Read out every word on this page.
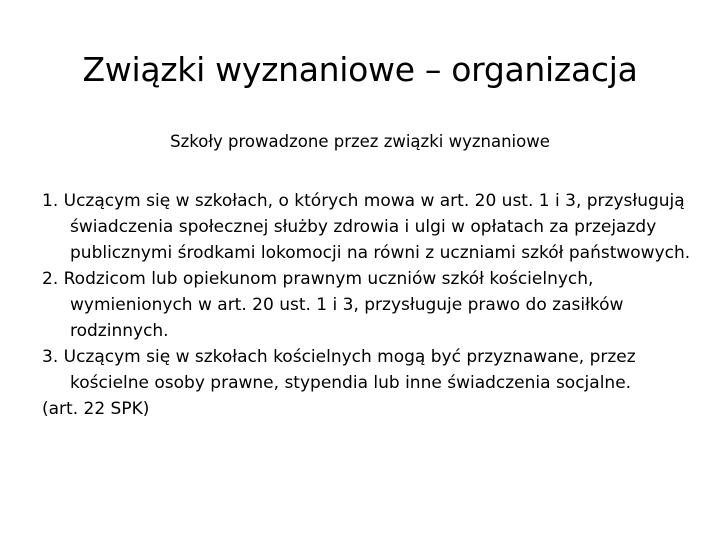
Związki wyznaniowe – organizacja
Szkoły prowadzone przez związki wyznaniowe

1. Uczącym się w szkołach, o których mowa w art. 20 ust. 1 i 3, przysługują świadczenia społecznej służby zdrowia i ulgi w opłatach za przejazdy publicznymi środkami lokomocji na równi z uczniami szkół państwowych.

2. Rodzicom lub opiekunom prawnym uczniów szkół kościelnych, wymienionych w art. 20 ust. 1 i 3, przysługuje prawo do zasiłków rodzinnych.

3. Uczącym się w szkołach kościelnych mogą być przyznawane, przez kościelne osoby prawne, stypendia lub inne świadczenia socjalne.

(art. 22 SPK)
